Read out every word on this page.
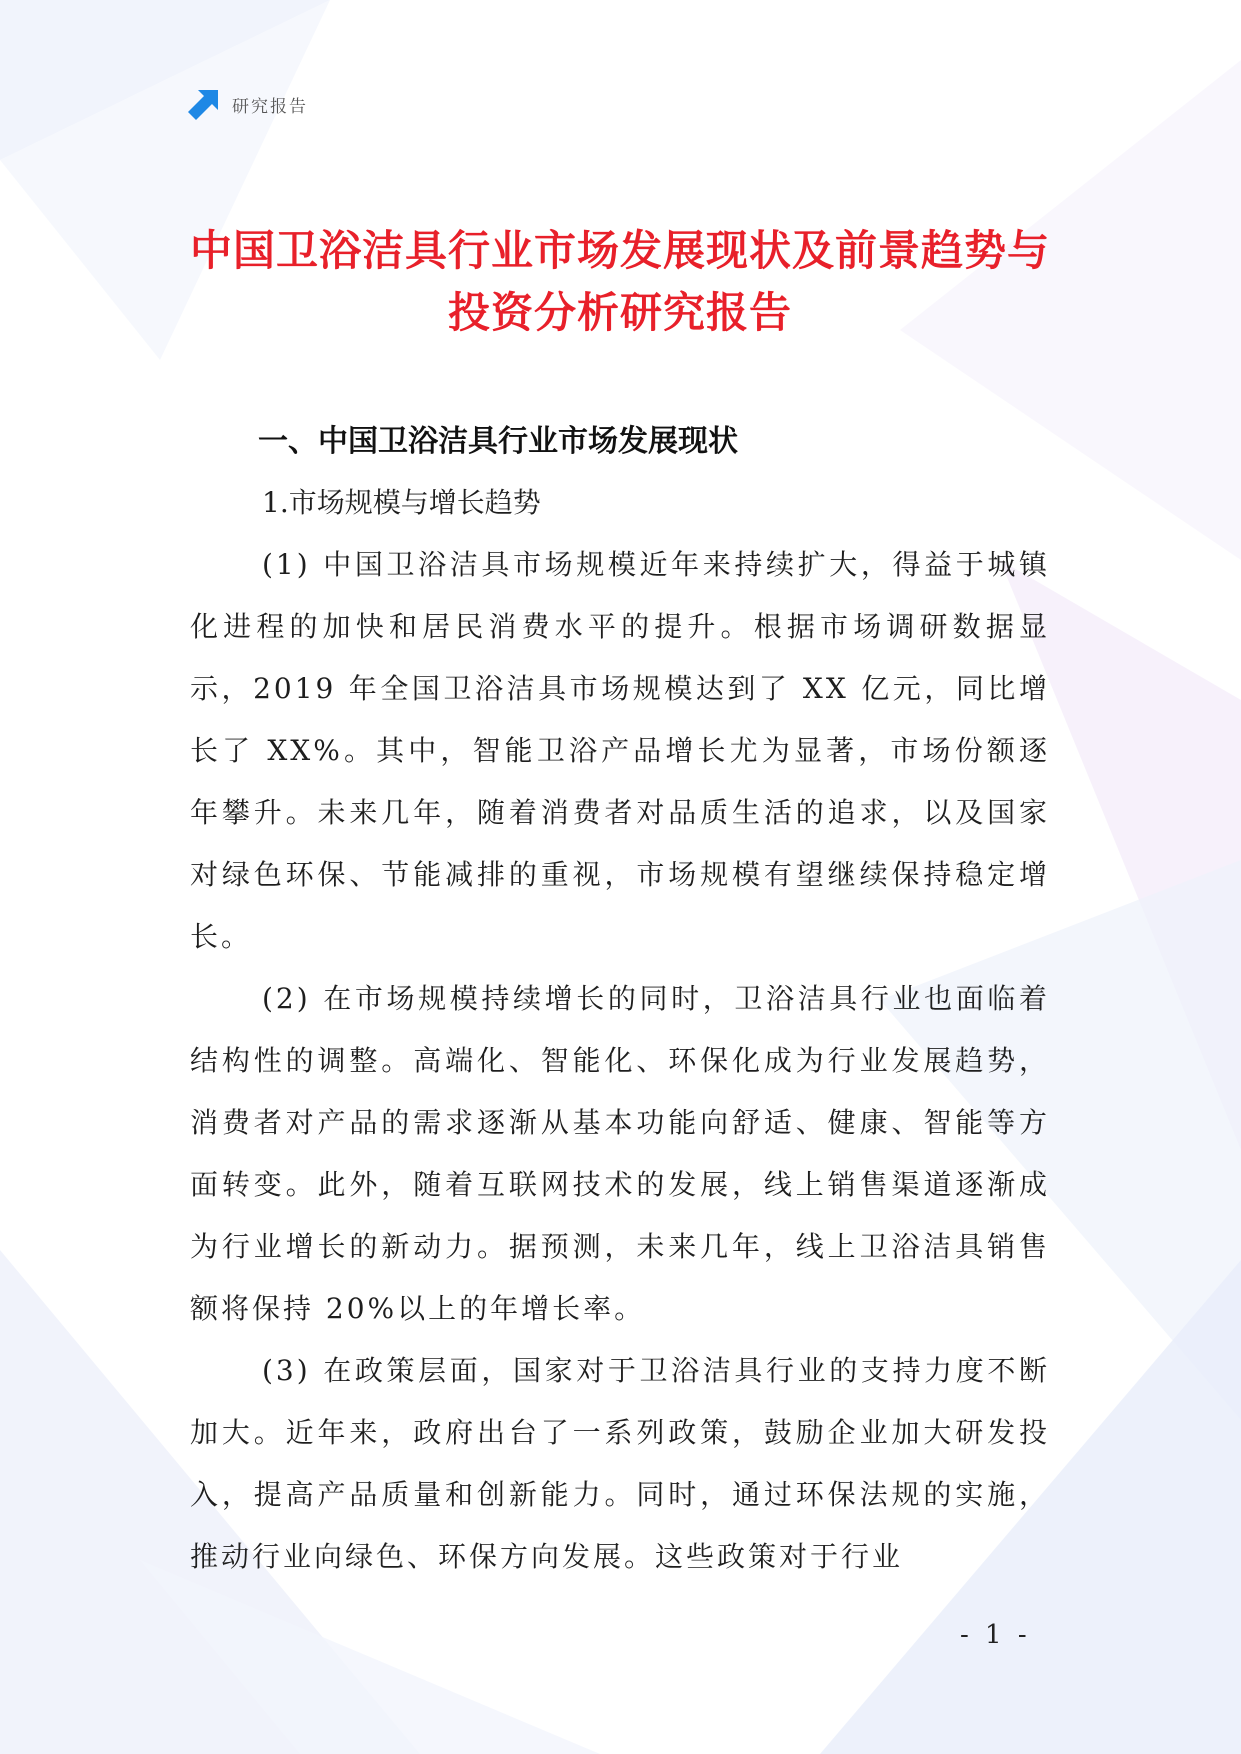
研究报告
中国卫浴洁具行业市场发展现状及前景趋势与投资分析研究报告
一、中国卫浴洁具行业市场发展现状

1.市场规模与增长趋势

(1) 中国卫浴洁具市场规模近年来持续扩大，得益于城镇化进程的加快和居民消费水平的提升。根据市场调研数据显示，2019 年全国卫浴洁具市场规模达到了 XX 亿元，同比增长了 XX%。其中，智能卫浴产品增长尤为显著，市场份额逐年攀升。未来几年，随着消费者对品质生活的追求，以及国家对绿色环保、节能减排的重视，市场规模有望继续保持稳定增长。

(2) 在市场规模持续增长的同时，卫浴洁具行业也面临着结构性的调整。高端化、智能化、环保化成为行业发展趋势，消费者对产品的需求逐渐从基本功能向舒适、健康、智能等方面转变。此外，随着互联网技术的发展，线上销售渠道逐渐成为行业增长的新动力。据预测，未来几年，线上卫浴洁具销售额将保持 20%以上的年增长率。

(3) 在政策层面，国家对于卫浴洁具行业的支持力度不断加大。近年来，政府出台了一系列政策，鼓励企业加大研发投入，提高产品质量和创新能力。同时，通过环保法规的实施，推动行业向绿色、环保方向发展。这些政策对于行业

- 1 -
